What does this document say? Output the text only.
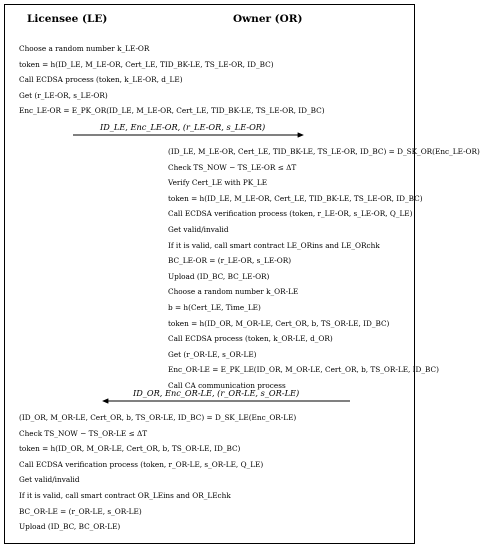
Licensee (LE)	Owner (OR)
Choose a random number k_LE-OR
token = h(ID_LE, M_LE-OR, Cert_LE, TID_BK-LE, TS_LE-OR, ID_BC)
Call ECDSA process (token, k_LE-OR, d_LE)
Get (r_LE-OR, s_LE-OR)
Enc_LE-OR = E_PK_OR(ID_LE, M_LE-OR, Cert_LE, TID_BK-LE, TS_LE-OR, ID_BC)
(ID_LE, M_LE-OR, Cert_LE, TID_BK-LE, TS_LE-OR, ID_BC) = D_SK_OR(Enc_LE-OR)
Check TS_NOW − TS_LE-OR ≤ ΔT
Verify Cert_LE with PK_LE
token = h(ID_LE, M_LE-OR, Cert_LE, TID_BK-LE, TS_LE-OR, ID_BC)
Call ECDSA verification process (token, r_LE-OR, s_LE-OR, Q_LE)
Get valid/invalid
If it is valid, call smart contract LE_ORins and LE_ORchk
BC_LE-OR = (r_LE-OR, s_LE-OR)
Upload (ID_BC, BC_LE-OR)
Choose a random number k_OR-LE
b = h(Cert_LE, Time_LE)
token = h(ID_OR, M_OR-LE, Cert_OR, b, TS_OR-LE, ID_BC)
Call ECDSA process (token, k_OR-LE, d_OR)
Get (r_OR-LE, s_OR-LE)
Enc_OR-LE = E_PK_LE(ID_OR, M_OR-LE, Cert_OR, b, TS_OR-LE, ID_BC)
Call CA communication process
(ID_OR, M_OR-LE, Cert_OR, b, TS_OR-LE, ID_BC) = D_SK_LE(Enc_OR-LE)
Check TS_NOW − TS_OR-LE ≤ ΔT
token = h(ID_OR, M_OR-LE, Cert_OR, b, TS_OR-LE, ID_BC)
Call ECDSA verification process (token, r_OR-LE, s_OR-LE, Q_LE)
Get valid/invalid
If it is valid, call smart contract OR_LEins and OR_LEchk
BC_OR-LE = (r_OR-LE, s_OR-LE)
Upload (ID_BC, BC_OR-LE)
ID_LE, Enc_LE-OR, (r_LE-OR, s_LE-OR)
ID_OR, Enc_OR-LE, (r_OR-LE, s_OR-LE)
